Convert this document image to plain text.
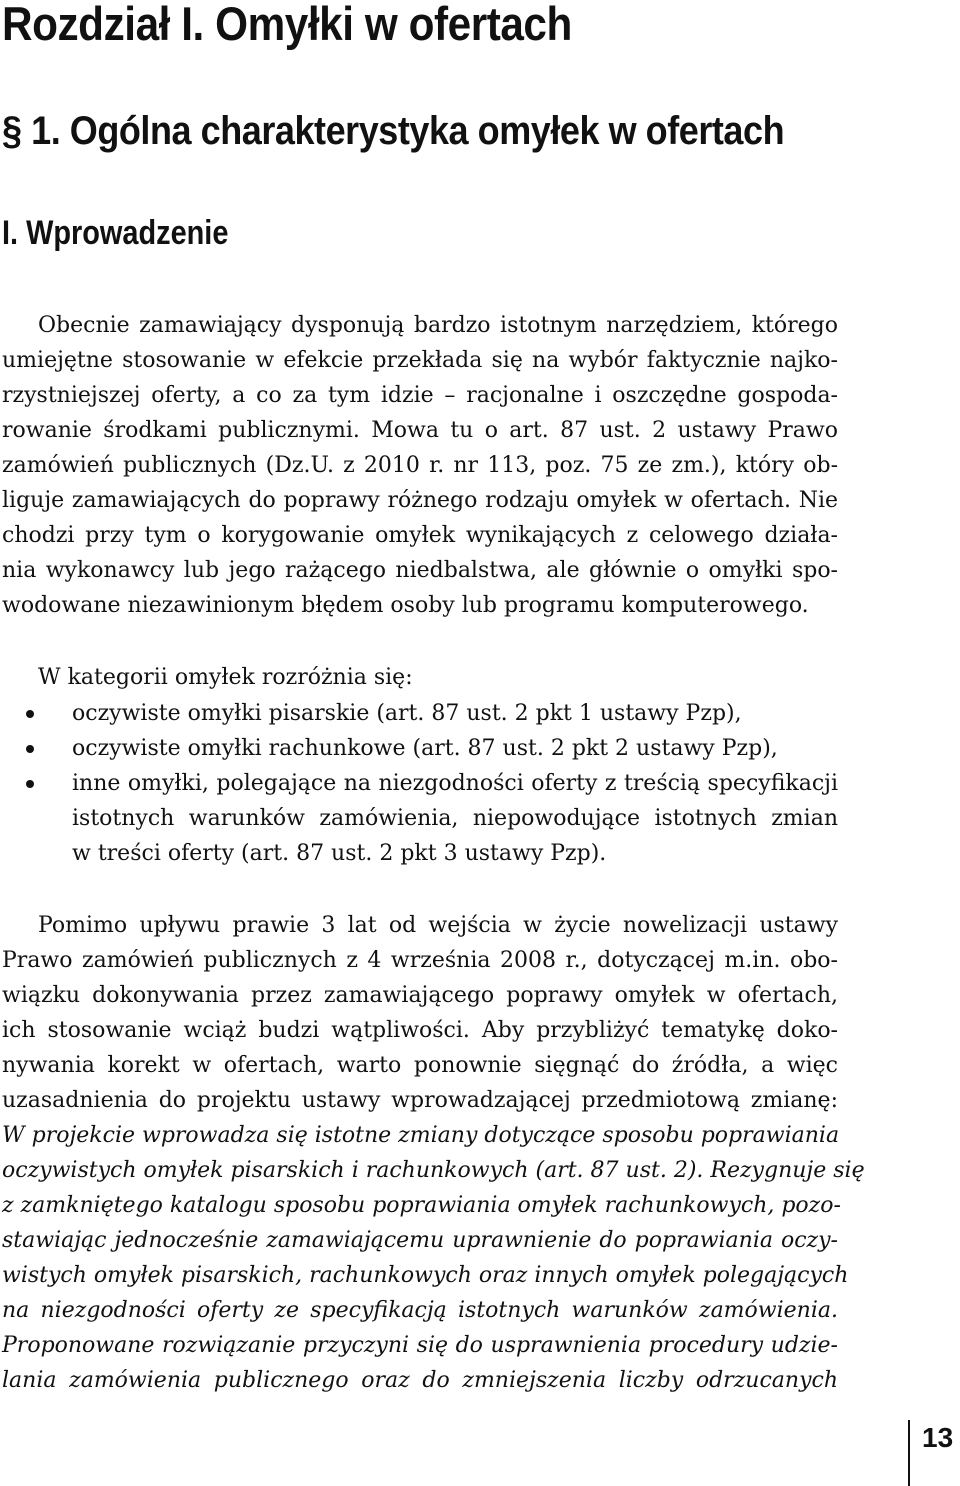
Rozdział I. Omyłki w ofertach
§ 1. Ogólna charakterystyka omyłek w ofertach
I. Wprowadzenie

Obecnie zamawiający dysponują bardzo istotnym narzędziem, którego
umiejętne stosowanie w efekcie przekłada się na wybór faktycznie najko-
rzystniejszej oferty, a co za tym idzie – racjonalne i oszczędne gospoda-
rowanie środkami publicznymi. Mowa tu o art. 87 ust. 2 ustawy Prawo
zamówień publicznych (Dz.U. z 2010 r. nr 113, poz. 75 ze zm.), który ob-
liguje zamawiających do poprawy różnego rodzaju omyłek w ofertach. Nie
chodzi przy tym o korygowanie omyłek wynikających z celowego działa-
nia wykonawcy lub jego rażącego niedbalstwa, ale głównie o omyłki spo-
wodowane niezawinionym błędem osoby lub programu komputerowego.

W kategorii omyłek rozróżnia się:

oczywiste omyłki pisarskie (art. 87 ust. 2 pkt 1 ustawy Pzp),
oczywiste omyłki rachunkowe (art. 87 ust. 2 pkt 2 ustawy Pzp),
inne omyłki, polegające na niezgodności oferty z treścią specyfikacji
istotnych warunków zamówienia, niepowodujące istotnych zmian
w treści oferty (art. 87 ust. 2 pkt 3 ustawy Pzp).

Pomimo upływu prawie 3 lat od wejścia w życie nowelizacji ustawy
Prawo zamówień publicznych z 4 września 2008 r., dotyczącej m.in. obo-
wiązku dokonywania przez zamawiającego poprawy omyłek w ofertach,
ich stosowanie wciąż budzi wątpliwości. Aby przybliżyć tematykę doko-
nywania korekt w ofertach, warto ponownie sięgnąć do źródła, a więc
uzasadnienia do projektu ustawy wprowadzającej przedmiotową zmianę:
W projekcie wprowadza się istotne zmiany dotyczące sposobu poprawiania
oczywistych omyłek pisarskich i rachunkowych (art. 87 ust. 2). Rezygnuje się
z zamkniętego katalogu sposobu poprawiania omyłek rachunkowych, pozo-
stawiając jednocześnie zamawiającemu uprawnienie do poprawiania oczy-
wistych omyłek pisarskich, rachunkowych oraz innych omyłek polegających
na niezgodności oferty ze specyfikacją istotnych warunków zamówienia.
Proponowane rozwiązanie przyczyni się do usprawnienia procedury udzie-
lania zamówienia publicznego oraz do zmniejszenia liczby odrzucanych

13
